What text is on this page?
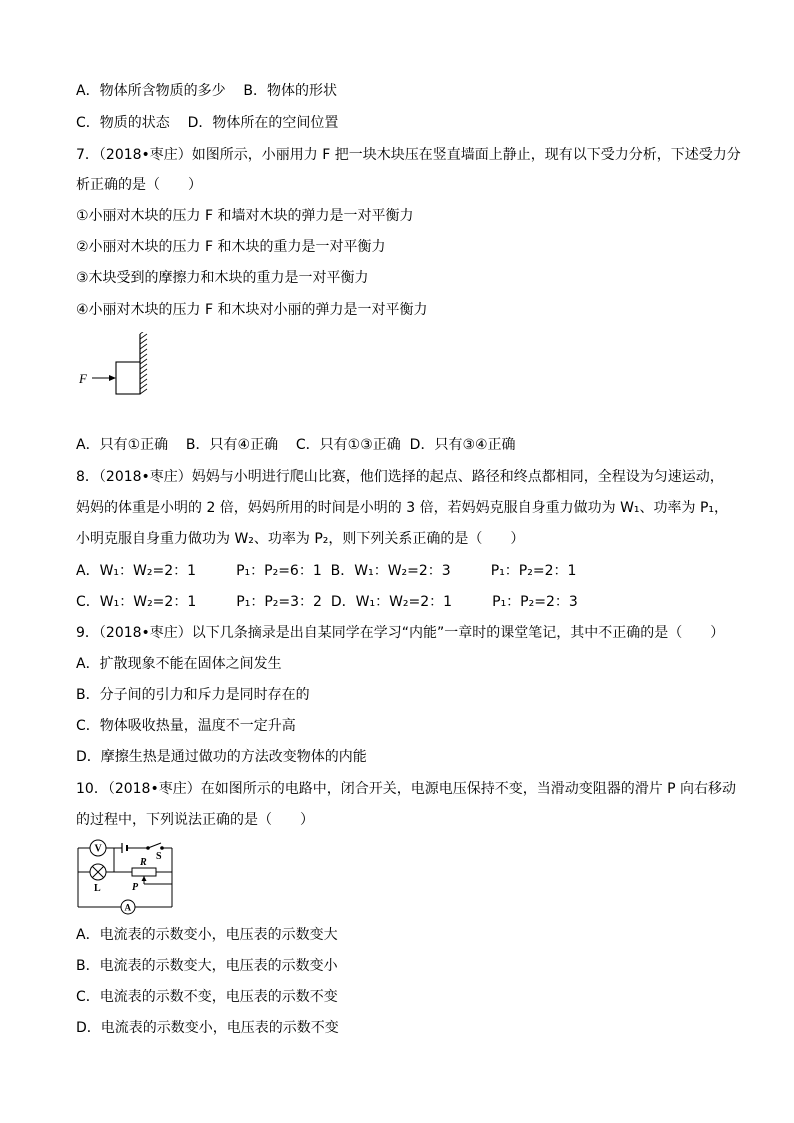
A．物体所含物质的多少    B．物体的形状
C．物质的状态    D．物体所在的空间位置
7．（2018•枣庄）如图所示，小丽用力 F 把一块木块压在竖直墙面上静止，现有以下受力分析，下述受力分
析正确的是（　　）
①小丽对木块的压力 F 和墙对木块的弹力是一对平衡力
②小丽对木块的压力 F 和木块的重力是一对平衡力
③木块受到的摩擦力和木块的重力是一对平衡力
④小丽对木块的压力 F 和木块对小丽的弹力是一对平衡力
F
A．只有①正确    B．只有④正确    C．只有①③正确  D．只有③④正确
8．（2018•枣庄）妈妈与小明进行爬山比赛，他们选择的起点、路径和终点都相同，全程设为匀速运动，
妈妈的体重是小明的 2 倍，妈妈所用的时间是小明的 3 倍，若妈妈克服自身重力做功为 W₁、功率为 P₁，
小明克服自身重力做功为 W₂、功率为 P₂，则下列关系正确的是（　　）
A．W₁：W₂=2：1         P₁：P₂=6：1  B．W₁：W₂=2：3         P₁：P₂=2：1
C．W₁：W₂=2：1         P₁：P₂=3：2  D．W₁：W₂=2：1         P₁：P₂=2：3
9．（2018•枣庄）以下几条摘录是出自某同学在学习“内能”一章时的课堂笔记，其中不正确的是（　　）
A．扩散现象不能在固体之间发生
B．分子间的引力和斥力是同时存在的
C．物体吸收热量，温度不一定升高
D．摩擦生热是通过做功的方法改变物体的内能
10．（2018•枣庄）在如图所示的电路中，闭合开关，电源电压保持不变，当滑动变阻器的滑片 P 向右移动
的过程中，下列说法正确的是（　　）
V
L
R
P
S
A
A．电流表的示数变小，电压表的示数变大
B．电流表的示数变大，电压表的示数变小
C．电流表的示数不变，电压表的示数不变
D．电流表的示数变小，电压表的示数不变
